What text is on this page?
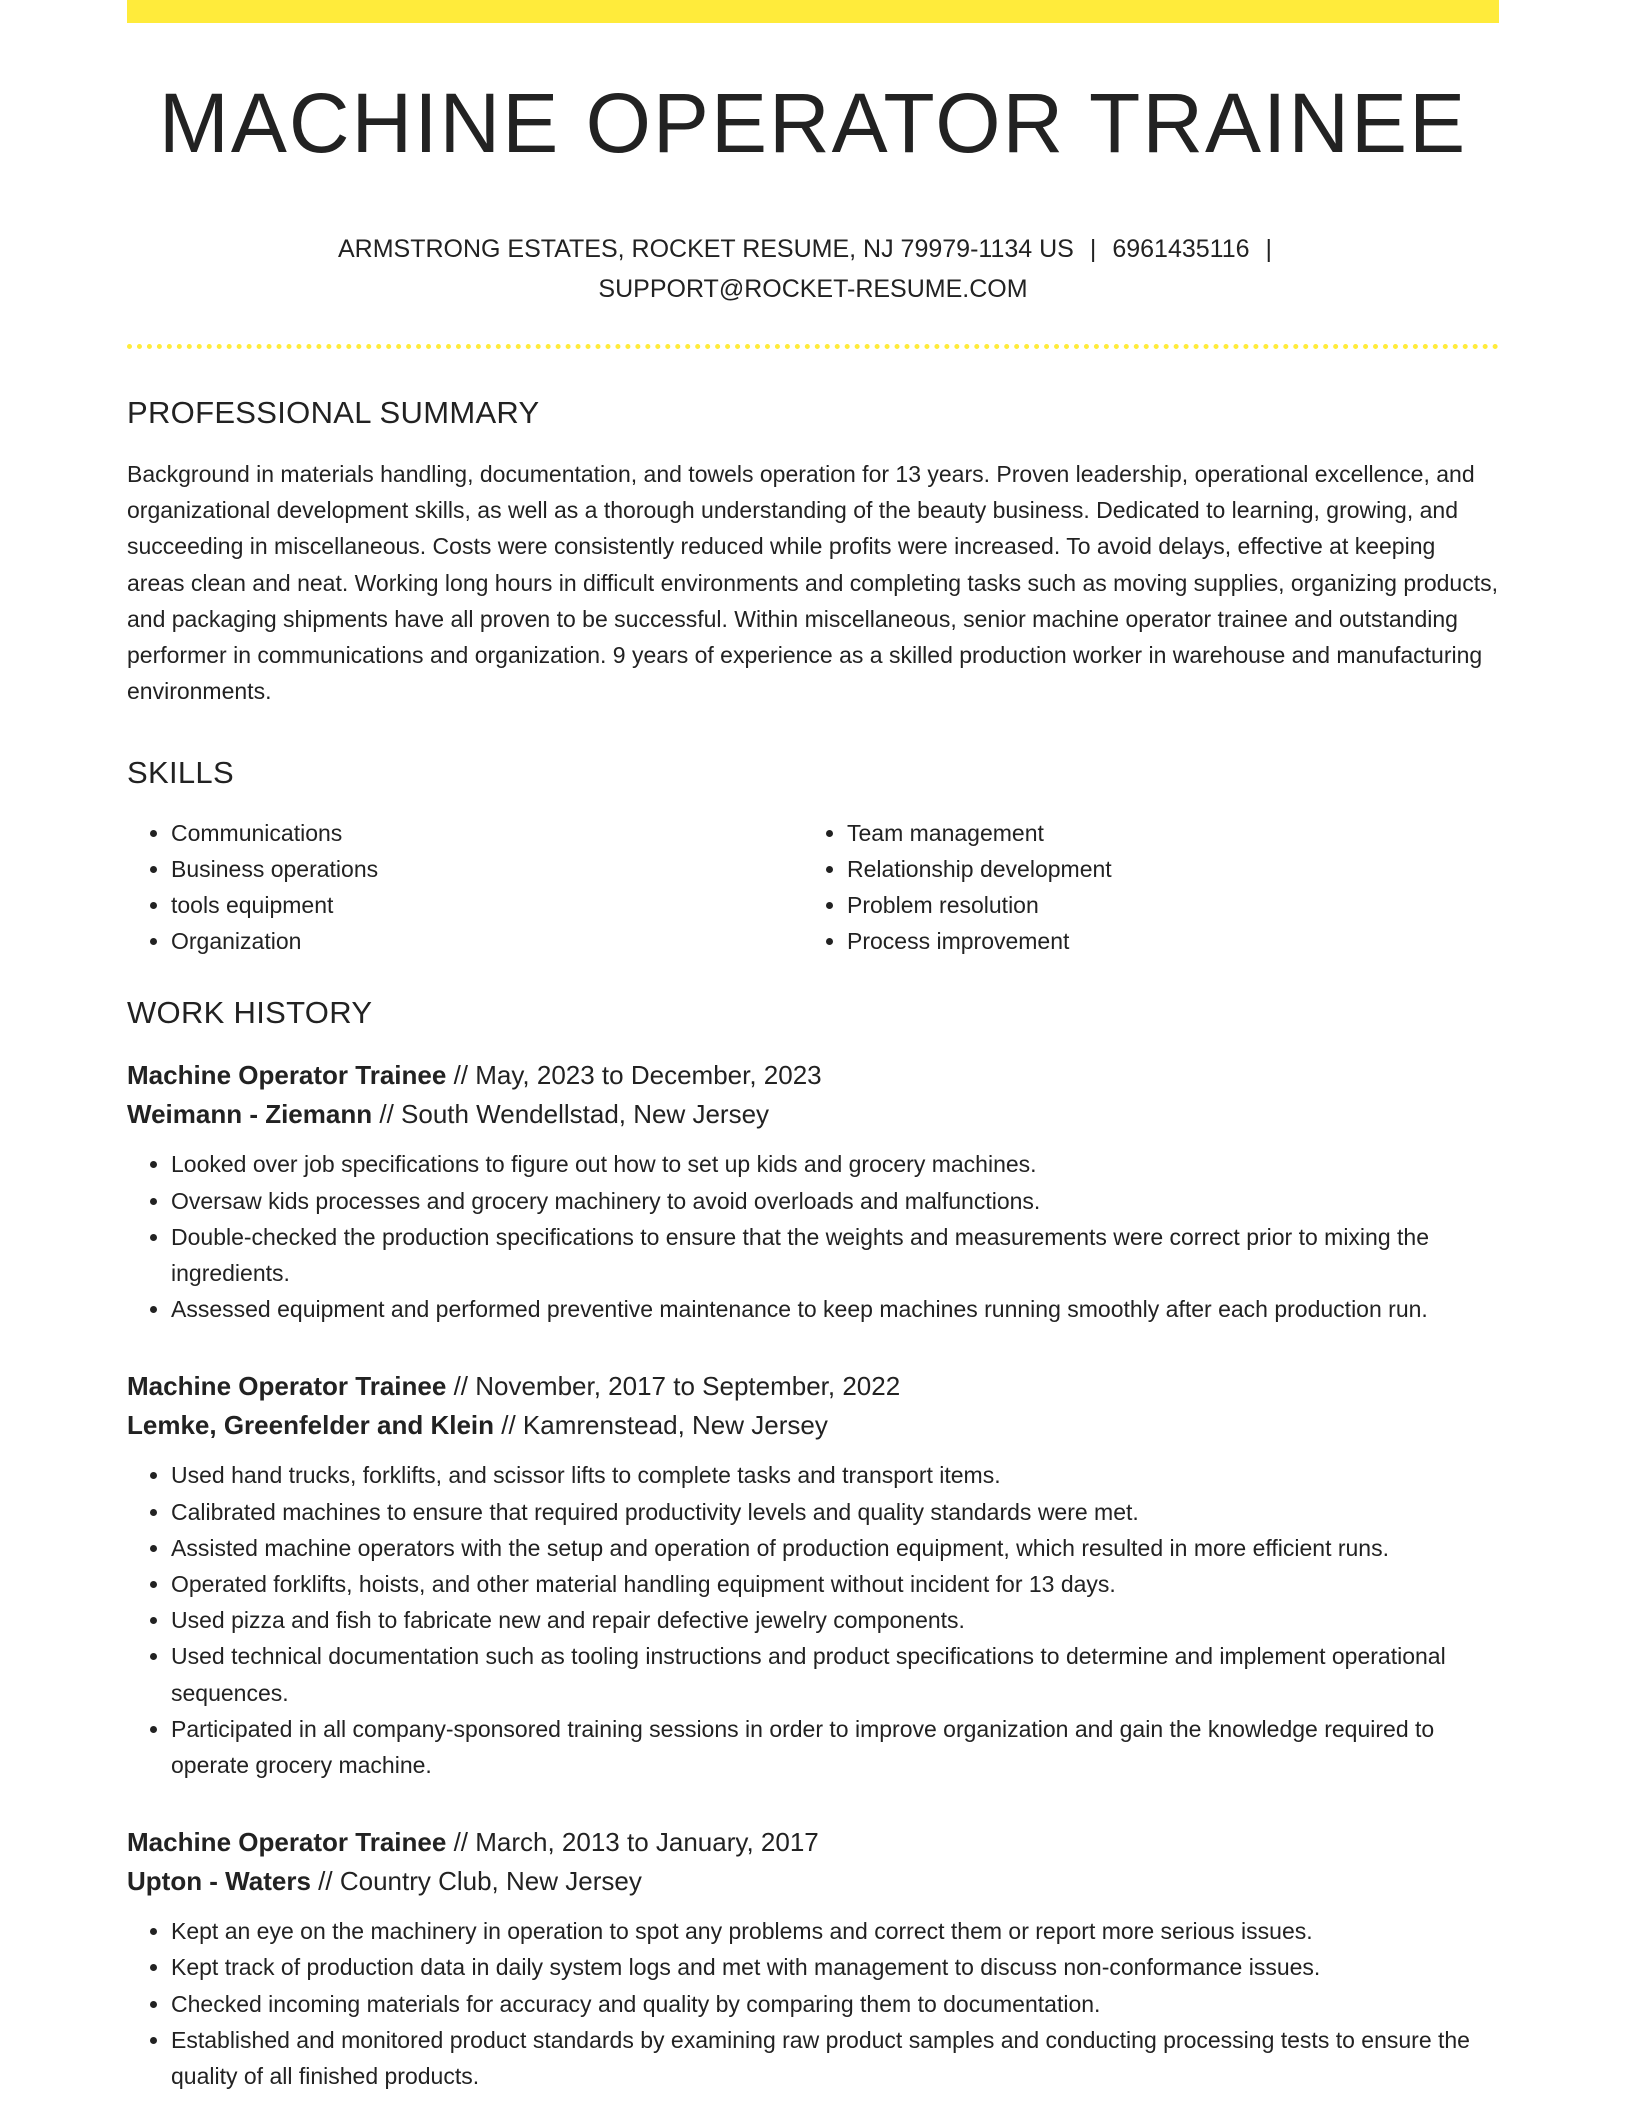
MACHINE OPERATOR TRAINEE
ARMSTRONG ESTATES, ROCKET RESUME, NJ 79979-1134 US | 6961435116 |
SUPPORT@ROCKET-RESUME.COM
PROFESSIONAL SUMMARY

Background in materials handling, documentation, and towels operation for 13 years. Proven leadership, operational excellence, and organizational development skills, as well as a thorough understanding of the beauty business. Dedicated to learning, growing, and succeeding in miscellaneous. Costs were consistently reduced while profits were increased. To avoid delays, effective at keeping areas clean and neat. Working long hours in difficult environments and completing tasks such as moving supplies, organizing products, and packaging shipments have all proven to be successful. Within miscellaneous, senior machine operator trainee and outstanding performer in communications and organization. 9 years of experience as a skilled production worker in warehouse and manufacturing environments.

SKILLS
• Communications
• Business operations
• tools equipment
• Organization
• Team management
• Relationship development
• Problem resolution
• Process improvement
WORK HISTORY
Machine Operator Trainee // May, 2023 to December, 2023
Weimann - Ziemann // South Wendellstad, New Jersey
• Looked over job specifications to figure out how to set up kids and grocery machines.
• Oversaw kids processes and grocery machinery to avoid overloads and malfunctions.
• Double-checked the production specifications to ensure that the weights and measurements were correct prior to mixing the ingredients.
• Assessed equipment and performed preventive maintenance to keep machines running smoothly after each production run.
Machine Operator Trainee // November, 2017 to September, 2022
Lemke, Greenfelder and Klein // Kamrenstead, New Jersey
• Used hand trucks, forklifts, and scissor lifts to complete tasks and transport items.
• Calibrated machines to ensure that required productivity levels and quality standards were met.
• Assisted machine operators with the setup and operation of production equipment, which resulted in more efficient runs.
• Operated forklifts, hoists, and other material handling equipment without incident for 13 days.
• Used pizza and fish to fabricate new and repair defective jewelry components.
• Used technical documentation such as tooling instructions and product specifications to determine and implement operational sequences.
• Participated in all company-sponsored training sessions in order to improve organization and gain the knowledge required to operate grocery machine.
Machine Operator Trainee // March, 2013 to January, 2017
Upton - Waters // Country Club, New Jersey
• Kept an eye on the machinery in operation to spot any problems and correct them or report more serious issues.
• Kept track of production data in daily system logs and met with management to discuss non-conformance issues.
• Checked incoming materials for accuracy and quality by comparing them to documentation.
• Established and monitored product standards by examining raw product samples and conducting processing tests to ensure the quality of all finished products.
